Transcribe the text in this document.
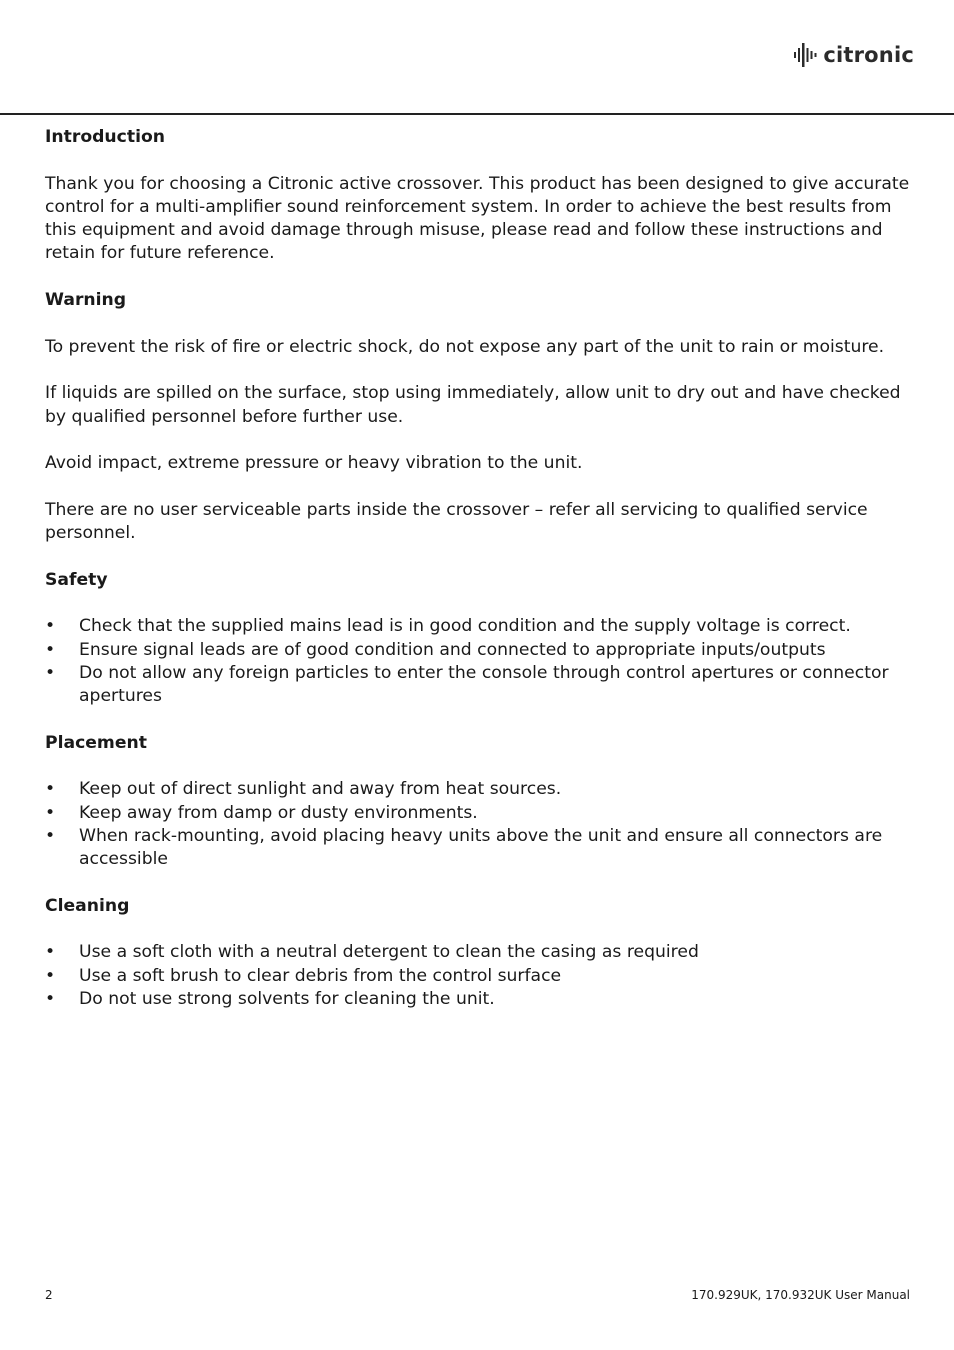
citronic
Introduction

Thank you for choosing a Citronic active crossover. This product has been designed to give accurate control for a multi-amplifier sound reinforcement system. In order to achieve the best results from this equipment and avoid damage through misuse, please read and follow these instructions and retain for future reference.

Warning

To prevent the risk of fire or electric shock, do not expose any part of the unit to rain or moisture.

If liquids are spilled on the surface, stop using immediately, allow unit to dry out and have checked by qualified personnel before further use.

Avoid impact, extreme pressure or heavy vibration to the unit.

There are no user serviceable parts inside the crossover – refer all servicing to qualified service personnel.

Safety
• Check that the supplied mains lead is in good condition and the supply voltage is correct.
• Ensure signal leads are of good condition and connected to appropriate inputs/outputs
• Do not allow any foreign particles to enter the console through control apertures or connector apertures
Placement
• Keep out of direct sunlight and away from heat sources.
• Keep away from damp or dusty environments.
• When rack-mounting, avoid placing heavy units above the unit and ensure all connectors are accessible
Cleaning
• Use a soft cloth with a neutral detergent to clean the casing as required
• Use a soft brush to clear debris from the control surface
• Do not use strong solvents for cleaning the unit.
2	170.929UK, 170.932UK User Manual
